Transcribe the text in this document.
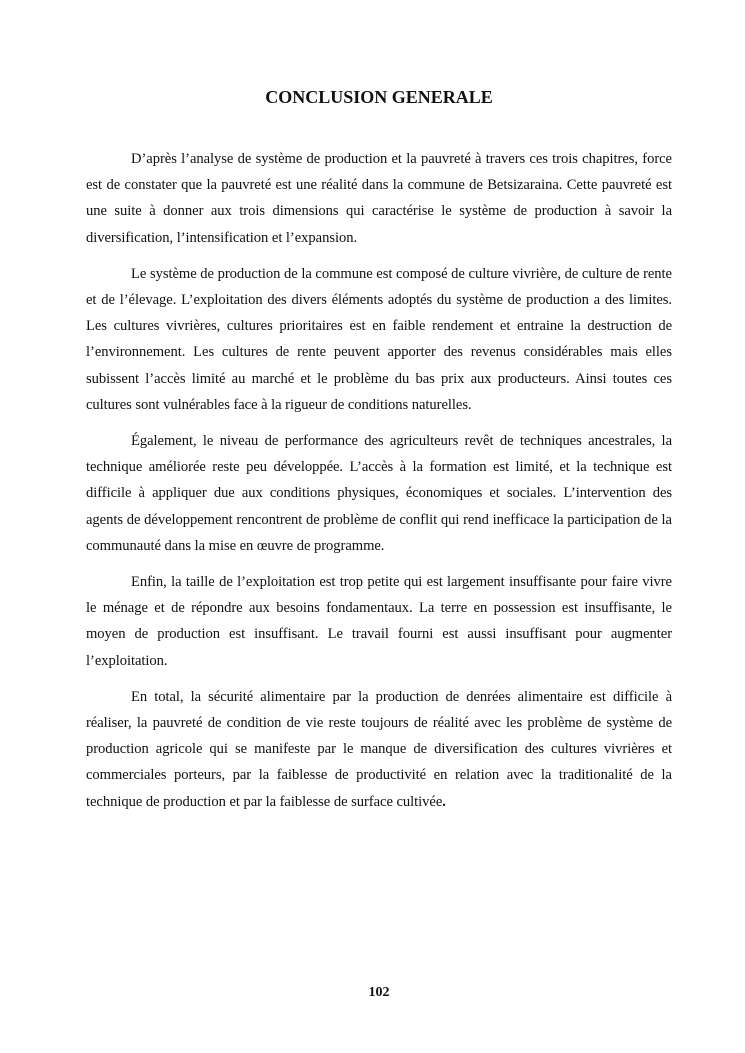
CONCLUSION GENERALE

D’après l’analyse de système de production et la pauvreté à travers ces trois chapitres, force est de constater que la pauvreté est une réalité dans la commune de Betsizaraina. Cette pauvreté est une suite à donner aux trois dimensions qui caractérise le système de production à savoir la diversification, l’intensification et l’expansion.

Le système de production de la commune est composé de culture vivrière, de culture de rente et de l’élevage. L’exploitation des divers éléments adoptés du système de production a des limites. Les cultures vivrières, cultures prioritaires est en faible rendement et entraine la destruction de l’environnement. Les cultures de rente peuvent apporter des revenus considérables mais elles subissent l’accès limité au marché et le problème du bas prix aux producteurs. Ainsi toutes ces cultures sont vulnérables face à la rigueur de conditions naturelles.

Également, le niveau de performance des agriculteurs revêt de techniques ancestrales, la technique améliorée reste peu développée. L’accès à la formation est limité, et la technique est difficile à appliquer due aux conditions physiques, économiques et sociales. L’intervention des agents de développement rencontrent de problème de conflit qui rend inefficace la participation de la communauté dans la mise en œuvre de programme.

Enfin, la taille de l’exploitation est trop petite qui est largement insuffisante pour faire vivre le ménage et de répondre aux besoins fondamentaux. La terre en possession est insuffisante, le moyen de production est insuffisant. Le travail fourni est aussi insuffisant pour augmenter l’exploitation.

En total, la sécurité alimentaire par la production de denrées alimentaire est difficile à réaliser, la pauvreté de condition de vie reste toujours de réalité avec les problème de système de production agricole qui se manifeste par le manque de diversification des cultures vivrières et commerciales porteurs, par la faiblesse de productivité en relation avec la traditionalité de la technique de production et par la faiblesse de surface cultivée.

102
